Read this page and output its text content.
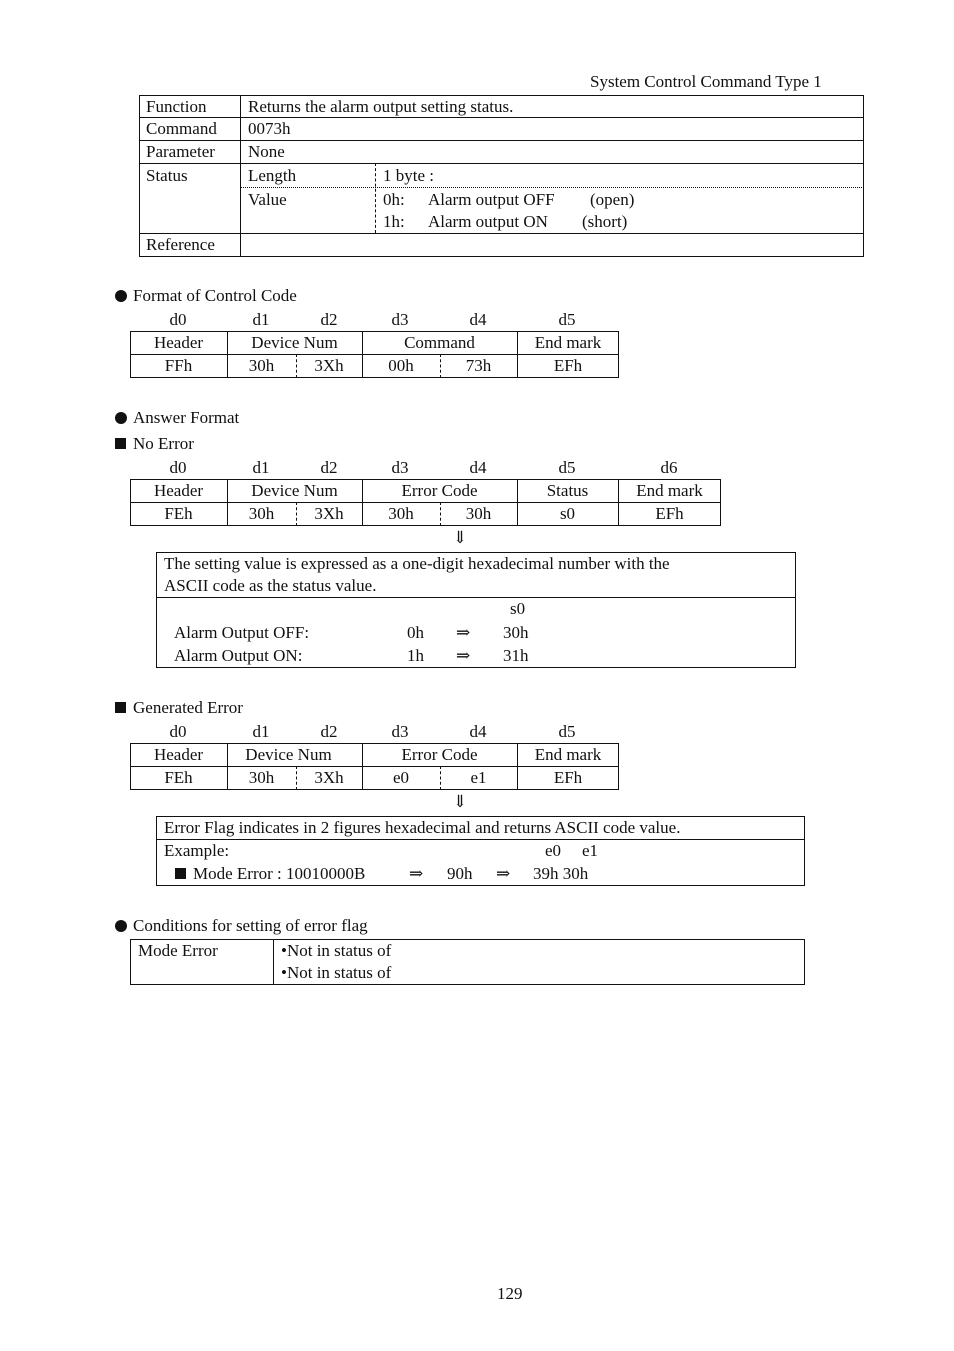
System Control Command Type 1
Function Returns the alarm output setting status.
Command 0073h
Parameter None
Status	Length	1 byte :
Value	0h: Alarm output OFF (open)
1h: Alarm output ON (short)
Reference
Format of Control Code
d0	d1	d2	d3	d4	d5
Header	Device Num	Command	End mark
FFh	30h	3Xh	00h	73h	EFh
Answer Format
No Error
d0	d1	d2	d3	d4	d5	d6
Header	Device Num	Error Code	Status	End mark
FEh	30h	3Xh	30h	30h	s0	EFh
⇓
The setting value is expressed as a one-digit hexadecimal number with the
ASCII code as the status value.
s0
Alarm Output OFF:	0h ⇒ 30h
Alarm Output ON:	1h ⇒ 31h
Generated Error
d0	d1	d2	d3	d4	d5
Header	Device Num	Error Code	End mark
FEh	30h	3Xh	e0	e1	EFh
⇓
Error Flag indicates in 2 figures hexadecimal and returns ASCII code value.
Example:	e0 e1
Mode Error : 10010000B	⇒ 90h ⇒ 39h 30h
Conditions for setting of error flag
Mode Error	•Not in status of
•Not in status of
129
